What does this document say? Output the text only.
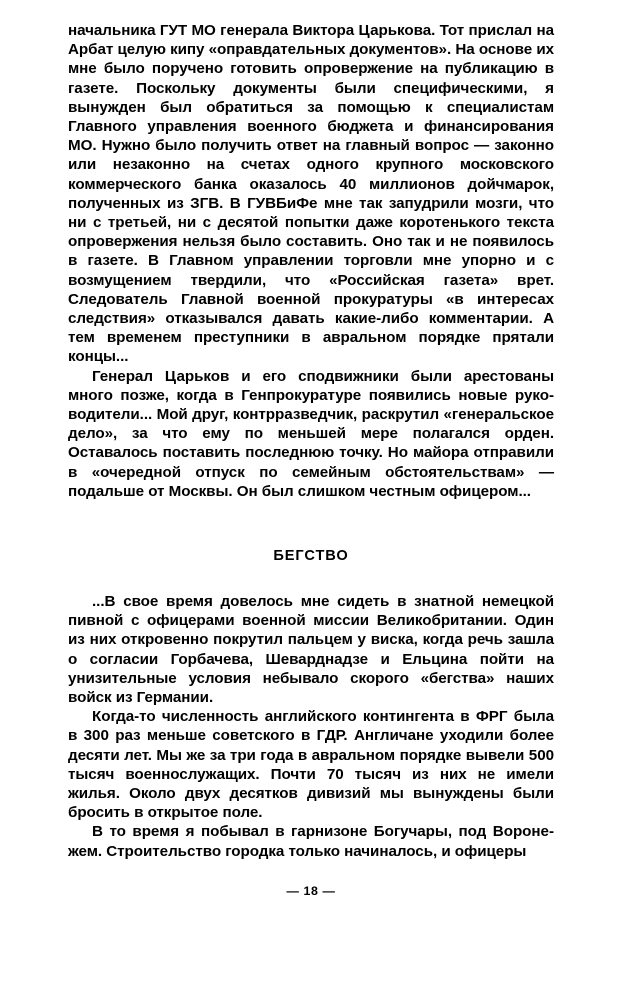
начальника ГУТ МО генерала Виктора Царькова. Тот прислал на Арбат целую кипу «оправдательных документов». На основе их мне было поручено готовить опровержение на публикацию в газете. Поскольку документы были специфическими, я вынужден был обратиться за помощью к специалистам Главного управления военного бюджета и финансирования МО. Нужно было получить ответ на главный вопрос — законно или незаконно на счетах одного крупного московского коммерческого банка оказалось 40 миллионов дойчмарок, полученных из ЗГВ. В ГУВБиФе мне так запудрили мозги, что ни с третьей, ни с десятой попытки даже коротенького текста опровержения нельзя было составить. Оно так и не появилось в газете. В Главном управлении торговли мне упорно и с возмущением твердили, что «Российская газета» врет. Следователь Главной военной прокуратуры «в интересах следствия» отказывался давать какие-либо комментарии. А тем временем преступники в авральном порядке прятали концы...

Генерал Царьков и его сподвижники были арестованы много позже, когда в Генпрокуратуре появились новые руководители... Мой друг, контрразведчик, раскрутил «генеральское дело», за что ему по меньшей мере полагался орден. Оставалось поставить последнюю точку. Но майора отправили в «очередной отпуск по семейным обстоятельствам» — подальше от Москвы. Он был слишком честным офицером...

БЕГСТВО

...В свое время довелось мне сидеть в знатной немецкой пивной с офицерами военной миссии Великобритании. Один из них откровенно покрутил пальцем у виска, когда речь зашла о согласии Горбачева, Шеварднадзе и Ельцина пойти на унизительные условия небывало скорого «бегства» наших войск из Германии.

Когда-то численность английского контингента в ФРГ была в 300 раз меньше советского в ГДР. Англичане уходили более десяти лет. Мы же за три года в авральном порядке вывели 500 тысяч военнослужащих. Почти 70 тысяч из них не имели жилья. Около двух десятков дивизий мы вынуждены были бросить в открытое поле.

В то время я побывал в гарнизоне Богучары, под Воронежем. Строительство городка только начиналось, и офицеры

— 18 —
